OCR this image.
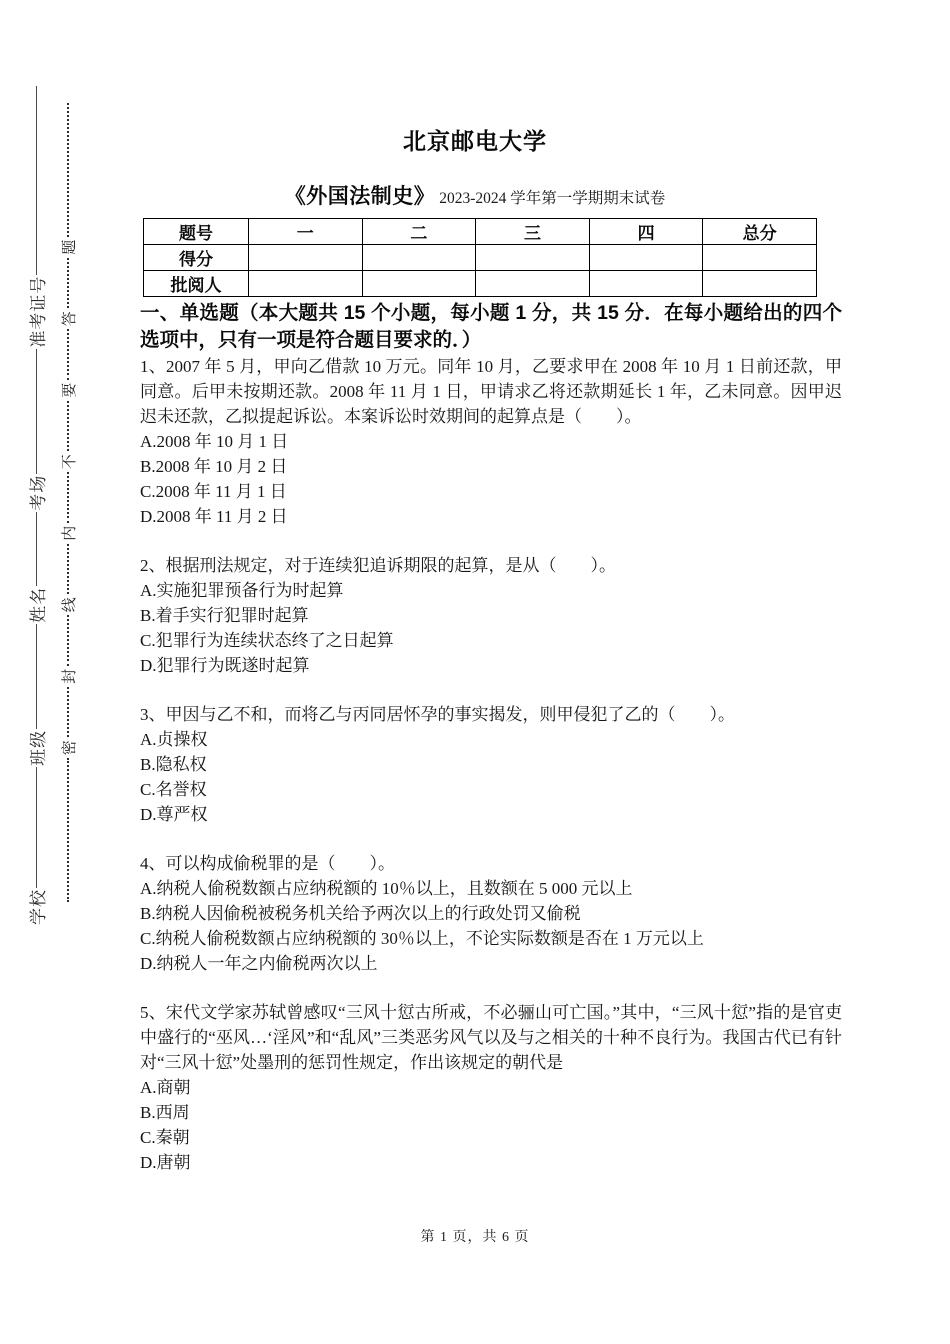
学校
班级
姓名
考场
准考证号
密
封
线
内
不
要
答
题
北京邮电大学
《外国法制史》 2023-2024 学年第一学期期末试卷
题号	一	二	三	四	总分
得分					
批阅人					

一、单选题（本大题共 15 个小题，每小题 1 分，共 15 分．在每小题给出的四个选项中，只有一项是符合题目要求的．）

1、2007 年 5 月，甲向乙借款 10 万元。同年 10 月，乙要求甲在 2008 年 10 月 1 日前还款，甲同意。后甲未按期还款。2008 年 11 月 1 日，甲请求乙将还款期延长 1 年，乙未同意。因甲迟迟未还款，乙拟提起诉讼。本案诉讼时效期间的起算点是（　　）。

A.2008 年 10 月 1 日
B.2008 年 10 月 2 日
C.2008 年 11 月 1 日
D.2008 年 11 月 2 日

2、根据刑法规定，对于连续犯追诉期限的起算，是从（　　）。

A.实施犯罪预备行为时起算
B.着手实行犯罪时起算
C.犯罪行为连续状态终了之日起算
D.犯罪行为既遂时起算

3、甲因与乙不和，而将乙与丙同居怀孕的事实揭发，则甲侵犯了乙的（　　）。

A.贞操权
B.隐私权
C.名誉权
D.尊严权

4、可以构成偷税罪的是（　　）。

A.纳税人偷税数额占应纳税额的 10％以上，且数额在 5 000 元以上
B.纳税人因偷税被税务机关给予两次以上的行政处罚又偷税
C.纳税人偷税数额占应纳税额的 30％以上，不论实际数额是否在 1 万元以上
D.纳税人一年之内偷税两次以上

5、宋代文学家苏轼曾感叹“三风十愆古所戒，不必骊山可亡国。”其中，“三风十愆”指的是官吏中盛行的“巫风…‘淫风”和“乱风”三类恶劣风气以及与之相关的十种不良行为。我国古代已有针对“三风十愆”处墨刑的惩罚性规定，作出该规定的朝代是

A.商朝
B.西周
C.秦朝
D.唐朝
第 1 页，共 6 页
